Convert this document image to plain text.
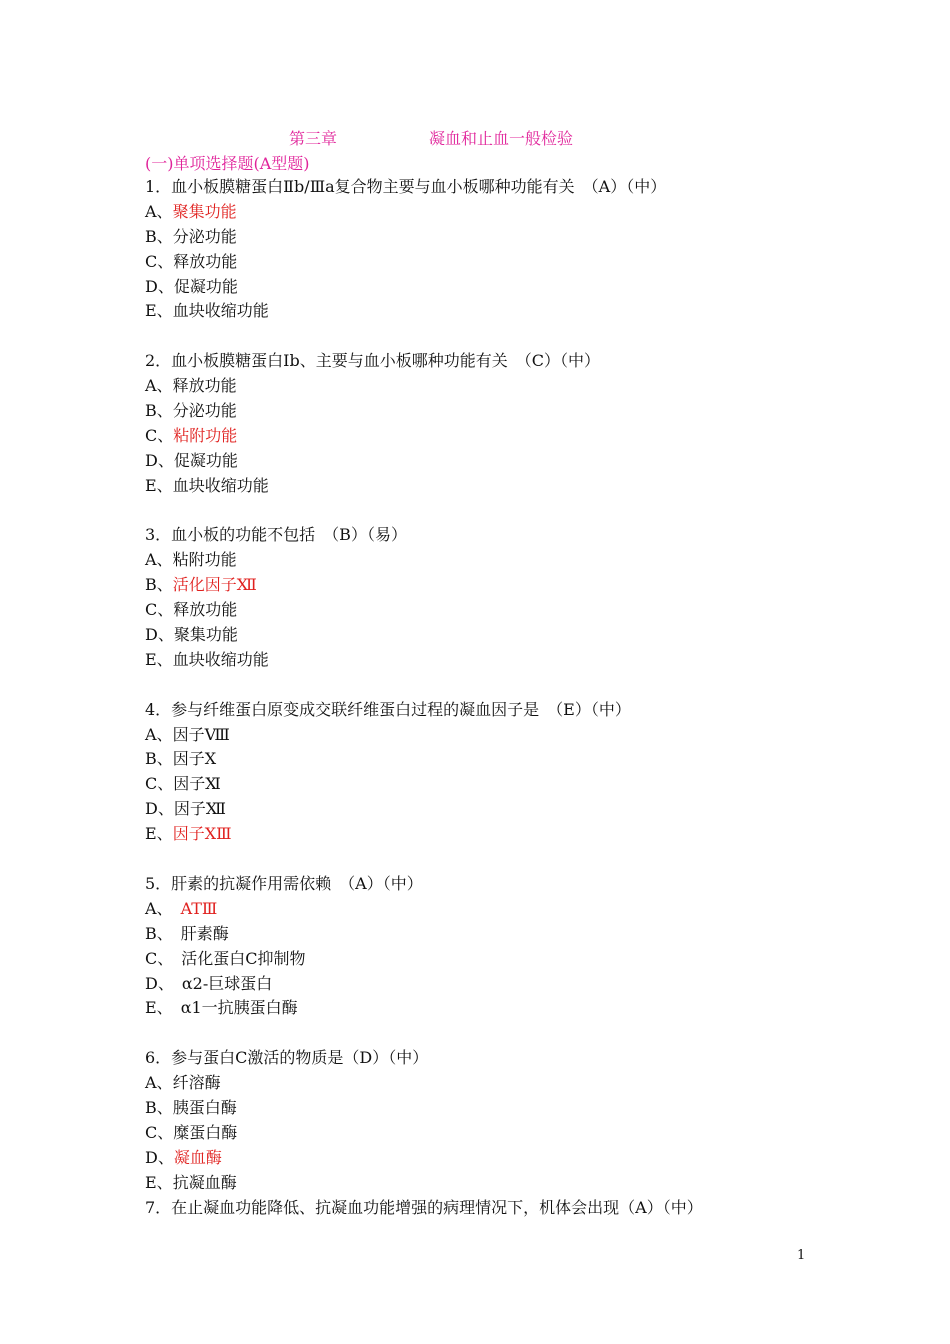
第三章	凝血和止血一般检验
(一)单项选择题(A型题)
1．血小板膜糖蛋白Ⅱb/Ⅲa复合物主要与血小板哪种功能有关　（A）（中）
A、聚集功能
B、分泌功能
C、释放功能
D、促凝功能
E、血块收缩功能
2．血小板膜糖蛋白Ib、主要与血小板哪种功能有关　（C）（中）
A、释放功能
B、分泌功能
C、粘附功能
D、促凝功能
E、血块收缩功能
3．血小板的功能不包括　（B）（易）
A、粘附功能
B、活化因子Ⅻ
C、释放功能
D、聚集功能
E、血块收缩功能
4．参与纤维蛋白原变成交联纤维蛋白过程的凝血因子是　（E）（中）
A、因子Ⅷ
B、因子X
C、因子Ⅺ
D、因子Ⅻ
E、因子XⅢ
5．肝素的抗凝作用需依赖　（A）（中）
A、　ATⅢ
B、　肝素酶
C、　活化蛋白C抑制物
D、　α2-巨球蛋白
E、　α1一抗胰蛋白酶
6．参与蛋白C激活的物质是（D）（中）
A、纤溶酶
B、胰蛋白酶
C、糜蛋白酶
D、凝血酶
E、抗凝血酶
7．在止凝血功能降低、抗凝血功能增强的病理情况下，机体会出现（A）（中）
1
